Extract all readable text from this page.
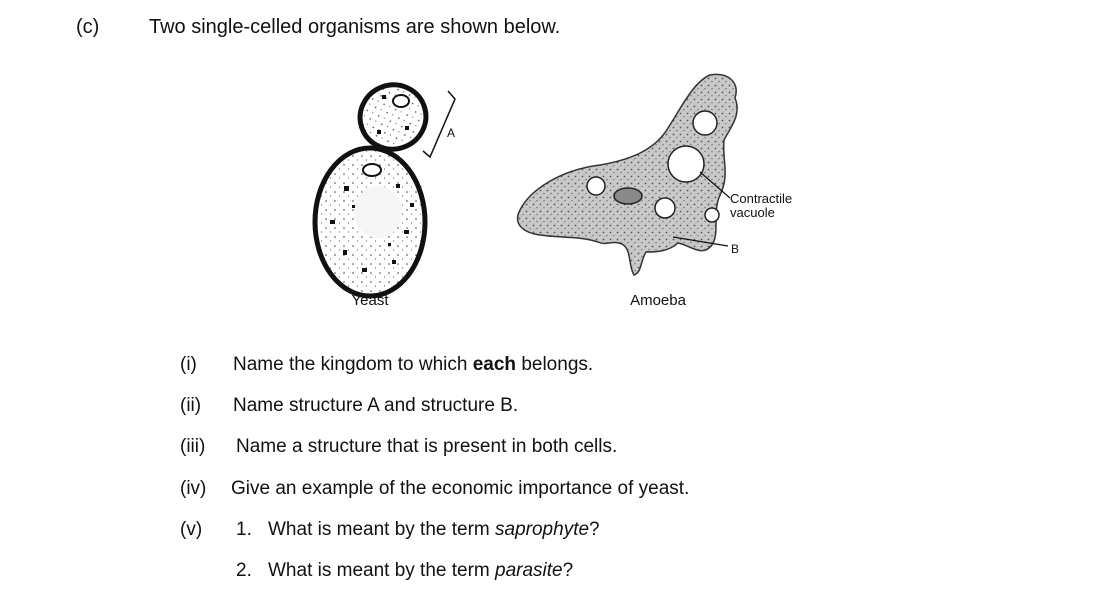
(c) Two single-celled organisms are shown below.
A
Yeast
Contractile
vacuole
B
Amoeba
(i) Name the kingdom to which each belongs.
(ii) Name structure A and structure B.
(iii) Name a structure that is present in both cells.
(iv) Give an example of the economic importance of yeast.
(v) 1. What is meant by the term saprophyte?
2. What is meant by the term parasite?
